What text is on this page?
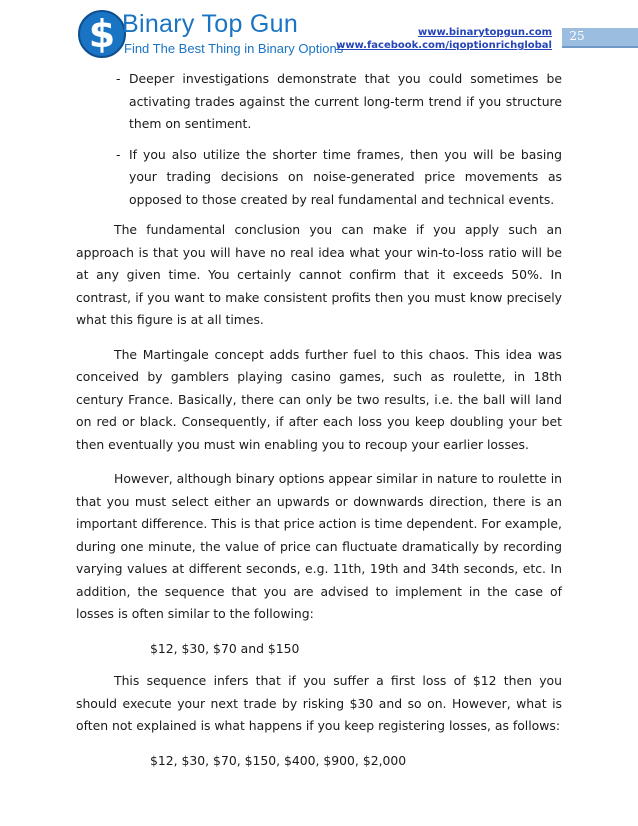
$ Binary Top Gun
Find The Best Thing in Binary Options
www.binarytopgun.com
www.facebook.com/iqoptionrichglobal
25
- Deeper investigations demonstrate that you could sometimes be activating trades against the current long-term trend if you structure them on sentiment.
- If you also utilize the shorter time frames, then you will be basing your trading decisions on noise-generated price movements as opposed to those created by real fundamental and technical events.

The fundamental conclusion you can make if you apply such an approach is that you will have no real idea what your win-to-loss ratio will be at any given time. You certainly cannot confirm that it exceeds 50%. In contrast, if you want to make consistent profits then you must know precisely what this figure is at all times.

The Martingale concept adds further fuel to this chaos. This idea was conceived by gamblers playing casino games, such as roulette, in 18th century France. Basically, there can only be two results, i.e. the ball will land on red or black. Consequently, if after each loss you keep doubling your bet then eventually you must win enabling you to recoup your earlier losses.

However, although binary options appear similar in nature to roulette in that you must select either an upwards or downwards direction, there is an important difference. This is that price action is time dependent. For example, during one minute, the value of price can fluctuate dramatically by recording varying values at different seconds, e.g. 11th, 19th and 34th seconds, etc. In addition, the sequence that you are advised to implement in the case of losses is often similar to the following:

$12, $30, $70 and $150

This sequence infers that if you suffer a first loss of $12 then you should execute your next trade by risking $30 and so on. However, what is often not explained is what happens if you keep registering losses, as follows:

$12, $30, $70, $150, $400, $900, $2,000
